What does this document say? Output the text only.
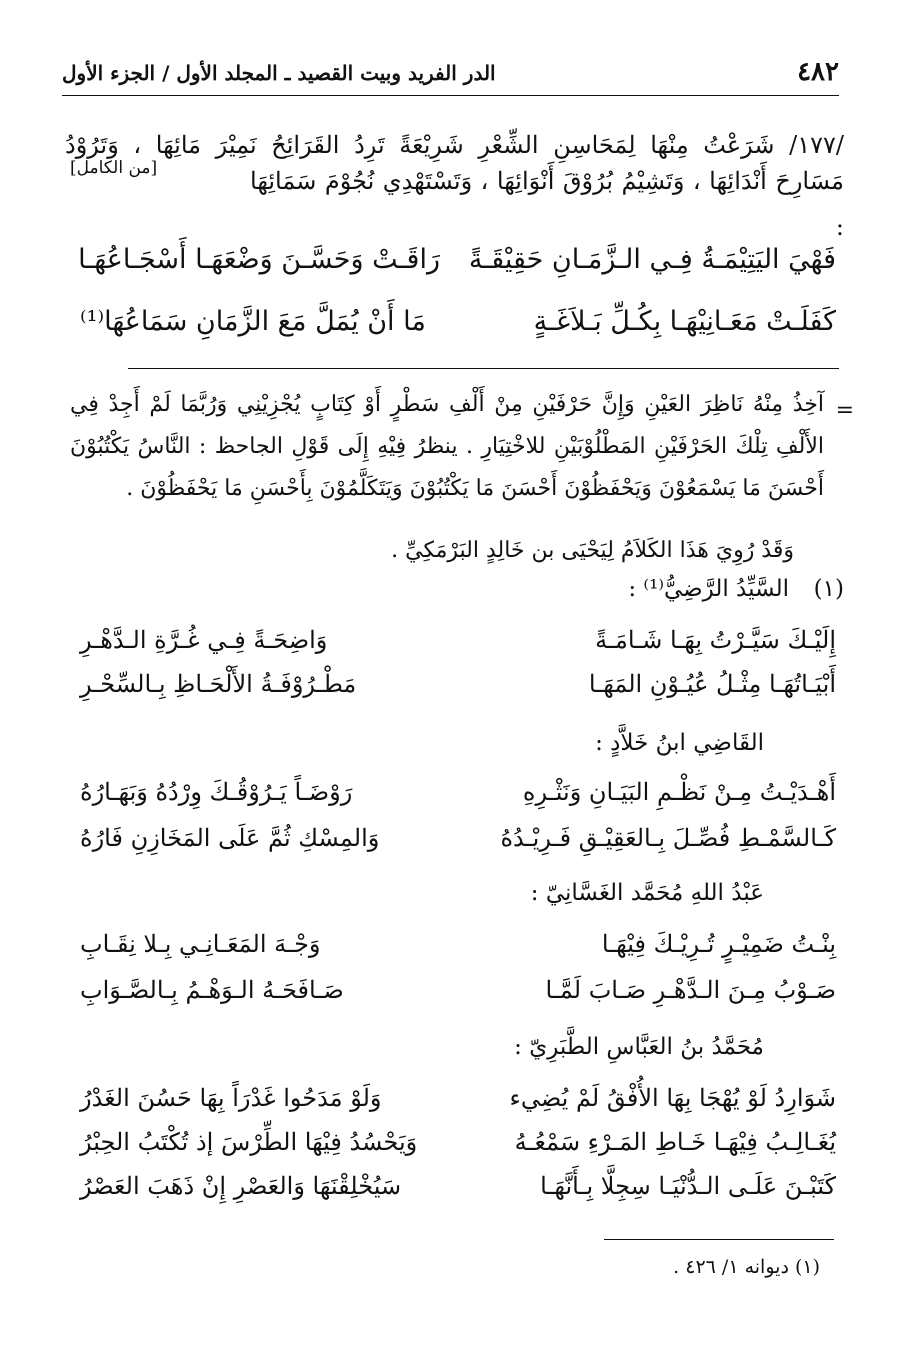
٤٨٢
الدر الفريد وبيت القصيد ـ المجلد الأول / الجزء الأول
/١٧٧/ شَرَعْتُ مِنْهَا لِمَحَاسِنِ الشِّعْرِ شَرِيْعَةً تَرِدُ القَرَائِحُ نَمِيْرَ مَائِهَا ، وَتَرُوْدُ
مَسَارِحَ أَنْدَائِهَا ، وَتَشِيْمُ بُرُوْقَ أَنْوَائِهَا ، وَتَسْتَهْدِي نُجُوْمَ سَمَائِهَا :
[من الكامل]
فَهْيَ اليَتِيْمَـةُ فِـي الـزَّمَـانِ حَقِيْقَـةً
رَاقَـتْ وَحَسَّـنَ وَضْعَهَـا أَسْجَـاعُهَـا
كَفَلَـتْ مَعَـانِيْهَـا بِكُـلِّ بَـلاَغَـةٍ
مَا أَنْ يُمَلَّ مَعَ الزَّمَانِ سَمَاعُهَا⁽¹⁾
=
آخِذُ مِنْهُ نَاظِرَ العَيْنِ وَإِنَّ حَرْفَيْنِ مِنْ أَلْفِ سَطْرٍ أَوْ كِتَابٍ يُجْزِيْنِي وَرُبَّمَا لَمْ أَجِدْ فِي الأَلْفِ تِلْكَ الحَرْفَيْنِ المَطْلُوْبَيْنِ للاخْتِيَارِ . ينظرُ فِيْهِ إِلَى قَوْلِ الجاحظ : النَّاسُ يَكْتُبُوْنَ أَحْسَنَ مَا يَسْمَعُوْنَ وَيَحْفَظُوْنَ أَحْسَنَ مَا يَكْتُبُوْنَ وَيَتَكَلَّمُوْنَ بِأَحْسَنِ مَا يَحْفَظُوْنَ .
وَقَدْ رُوِيَ هَذَا الكَلاَمُ لِيَحْيَى بن خَالِدٍ البَرْمَكِيِّ .
(١)
السَّيِّدُ الرَّضِيُّ⁽¹⁾ :
إِلَيْـكَ سَيَّـرْتُ بِهَـا شَـامَـةً
وَاضِحَـةً فِـي غُـرَّةِ الـدَّهْـرِ
أَبْيَـاتُهَـا مِثْـلُ عُيُـوْنِ المَهَـا
مَطْـرُوْفَـةُ الأَلْحَـاظِ بِـالسِّحْـرِ
القَاضِي ابنُ خَلاَّدٍ :
أَهْـدَيْـتُ مِـنْ نَظْـمِ البَيَـانِ وَنَثْـرِهِ
رَوْضَـاً يَـرُوْقُـكَ وِرْدُهُ وَبَهَـارُهُ
كَـالسَّمْـطِ فُصِّـلَ بِـالعَقِيْـقِ فَـرِيْـدُهُ
وَالمِسْكِ ثُمَّ عَلَى المَخَازِنِ فَارُهُ
عَبْدُ اللهِ مُحَمَّد الغَسَّانِيّ :
بِنْـتُ ضَمِيْـرٍ تُـرِيْـكَ فِيْهَـا
وَجْـهَ المَعَـانِـي بِـلا نِقَـابِ
صَـوْبُ مِـنَ الـدَّهْـرِ صَـابَ لَمَّـا
صَـافَحَـهُ الـوَهْـمُ بِـالصَّـوَابِ
مُحَمَّدُ بنُ العَبَّاسِ الطَّبَرِيّ :
شَوَارِدُ لَوْ يُهْجَا بِهَا الأُفْقُ لَمْ يُضِيء
وَلَوْ مَدَحُوا غَدْرَاً بِهَا حَسُنَ الغَدْرُ
يُغَـالِـبُ فِيْهَـا خَـاطِ المَـرْءِ سَمْعُـهُ
وَيَحْسُدُ فِيْهَا الطِّرْسَ إذ تُكْتَبُ الحِبْرُ
كَتَبْـنَ عَلَـى الـدُّنْيَـا سِجِلَّا بِـأَنَّهَـا
سَيُخْلِقْنَهَا وَالعَصْرِ إِنْ ذَهَبَ العَصْرُ
(١) ديوانه ١/ ٤٢٦ .
